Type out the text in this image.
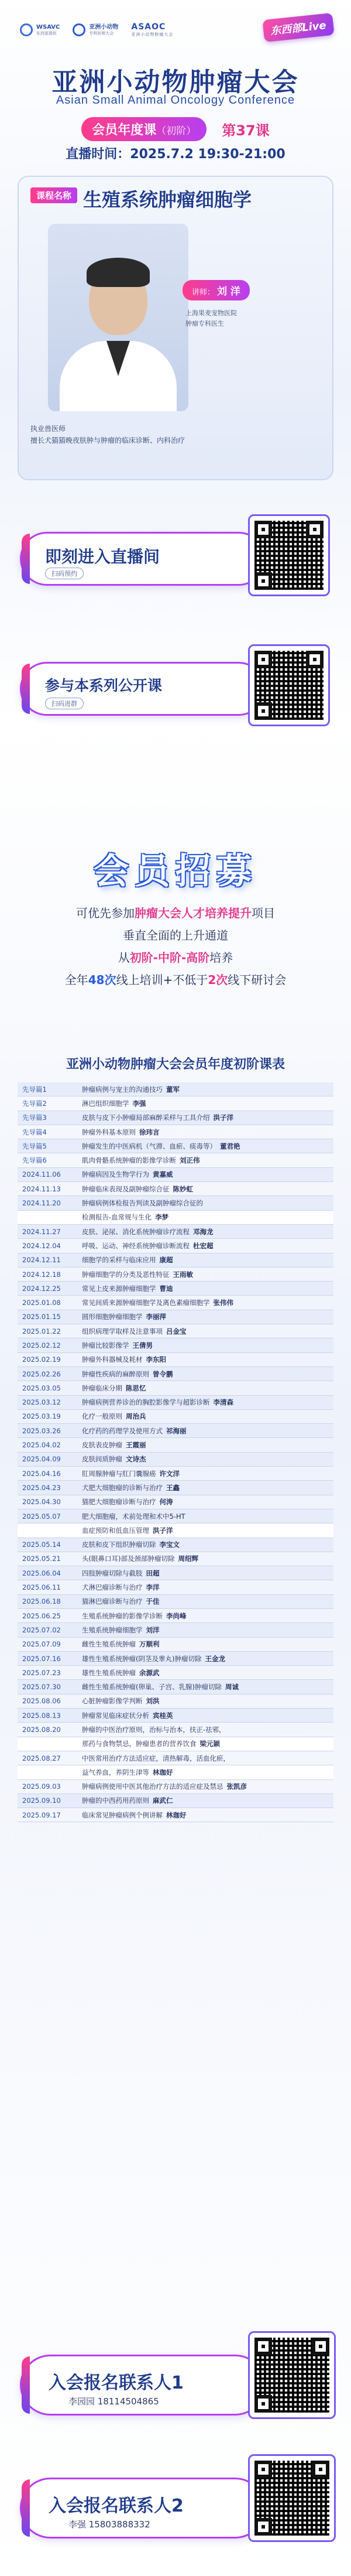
WSAVC
东西部兽医
亚洲小动物
专科医师大会
ASAOC
亚洲小动物肿瘤大会	东西部Live
亚洲小动物肿瘤大会
Asian Small Animal Oncology Conference
会员年度课（初阶）	第37课
直播时间：2025.7.2 19:30-21:00
课程名称 生殖系统肿瘤细胞学
讲师： 刘 洋
上海果麦宠物医院
肿瘤专科医生
执业兽医师
擅长犬猫猫晚夜肤肿与肿瘤的临床诊断、内科治疗
即刻进入直播间
扫码预约
参与本系列公开课
扫码进群
会员招募
可优先参加肿瘤大会人才培养提升项目
垂直全面的上升通道
从初阶-中阶-高阶培养
全年48次线上培训+不低于2次线下研讨会
亚洲小动物肿瘤大会会员年度初阶课表
先导篇1	肿瘤病例与宠主的沟通技巧 董军
先导篇2	淋巴组织细胞学 李强
先导篇3	皮肤与皮下小肿瘤局部麻醉采样与工具介绍 洪子洋
先导篇4	肿瘤外科基本原则 徐玮言
先导篇5	肿瘤发生的中医病机（气滞、血瘀、痰毒等） 董君艳
先导篇6	肌肉骨骼系统肿瘤的影像学诊断 刘正伟
2024.11.06	肿瘤病因及生物学行为 黄嘉威
2024.11.13	肿瘤临床表现及副肿瘤综合征 陈妙虹
2024.11.20	肿瘤病例体检报告判读及副肿瘤综合征的
检测报告-血常规与生化 李梦
2024.11.27	皮肤、泌尿、消化系统肿瘤诊疗流程 邓海龙
2024.12.04	呼吸、运动、神经系统肿瘤诊断流程 杜宏超
2024.12.11	细胞学的采样与临床应用 康超
2024.12.18	肿瘤细胞学的分类及恶性特征 王雨敏
2024.12.25	常见上皮来源肿瘤细胞学 曹迪
2025.01.08	常见间质来源肿瘤细胞学及离色素瘤细胞学 张伟伟
2025.01.15	圆形细胞肿瘤细胞学 李丽萍
2025.01.22	组织病理学取样及注意事项 吕金宝
2025.02.12	肿瘤比较影像学 王倩男
2025.02.19	肿瘤外科器械及耗材 李东阳
2025.02.26	肿瘤性疾病的麻醉原则 曾令鹏
2025.03.05	肿瘤临床分期 陈思忆
2025.03.12	肿瘤病例营养诊治的胸腔影像学与超影诊断 李清森
2025.03.19	化疗一般原则 周治兵
2025.03.26	化疗药的药理学及使用方式 祁海丽
2025.04.02	皮肤表皮肿瘤 王霞丽
2025.04.09	皮肤间质肿瘤 文诗杰
2025.04.16	肛周腺肿瘤与肛门囊腺癌 许文洋
2025.04.23	犬肥大细胞瘤的诊断与治疗 王鑫
2025.04.30	猫肥大细胞瘤诊断与治疗 何涛
2025.05.07	肥大细胞瘤，术前处理和术中5-HT
血症预防和低血压管理 洪子洋
2025.05.14	皮肤和皮下组织肿瘤切除 李宝文
2025.05.21	头(眼鼻口耳)部及颈部肿瘤切除 周绍辉
2025.06.04	四肢肿瘤切除与截肢 田超
2025.06.11	犬淋巴瘤诊断与治疗 李洋
2025.06.18	猫淋巴瘤诊断与治疗 于佳
2025.06.25	生殖系统肿瘤的影像学诊断 李尚峰
2025.07.02	生殖系统肿瘤细胞学 刘洋
2025.07.09	雌性生殖系统肿瘤 万顺利
2025.07.16	雄性生殖系统肿瘤(阴茎及睾丸)肿瘤切除 王金龙
2025.07.23	雄性生殖系统肿瘤 余源武
2025.07.30	雌性生殖系统肿瘤(卵巢、子宫、乳腺)肿瘤切除 周诚
2025.08.06	心脏肿瘤影像学判断 刘洪
2025.08.13	肿瘤常见临床症状分析 宾桂英
2025.08.20	肿瘤的中医治疗原则，治标与治本，扶正-祛邪，
那药与食物禁忌，肿瘤患者的营养饮食 梁元颖
2025.08.27	中医常用治疗方法适应症，清热解毒，活血化瘀，
益气养血，养阴生津等 林珈好
2025.09.03	肿瘤病例使用中医其他治疗方法的适应症及禁忌 张凯彦
2025.09.10	肿瘤的中西药用药原则 麻武仁
2025.09.17	临床常见肿瘤病例个例讲解 林珈好
入会报名联系人1
李园园 18114504865
入会报名联系人2
李强 15803888332
